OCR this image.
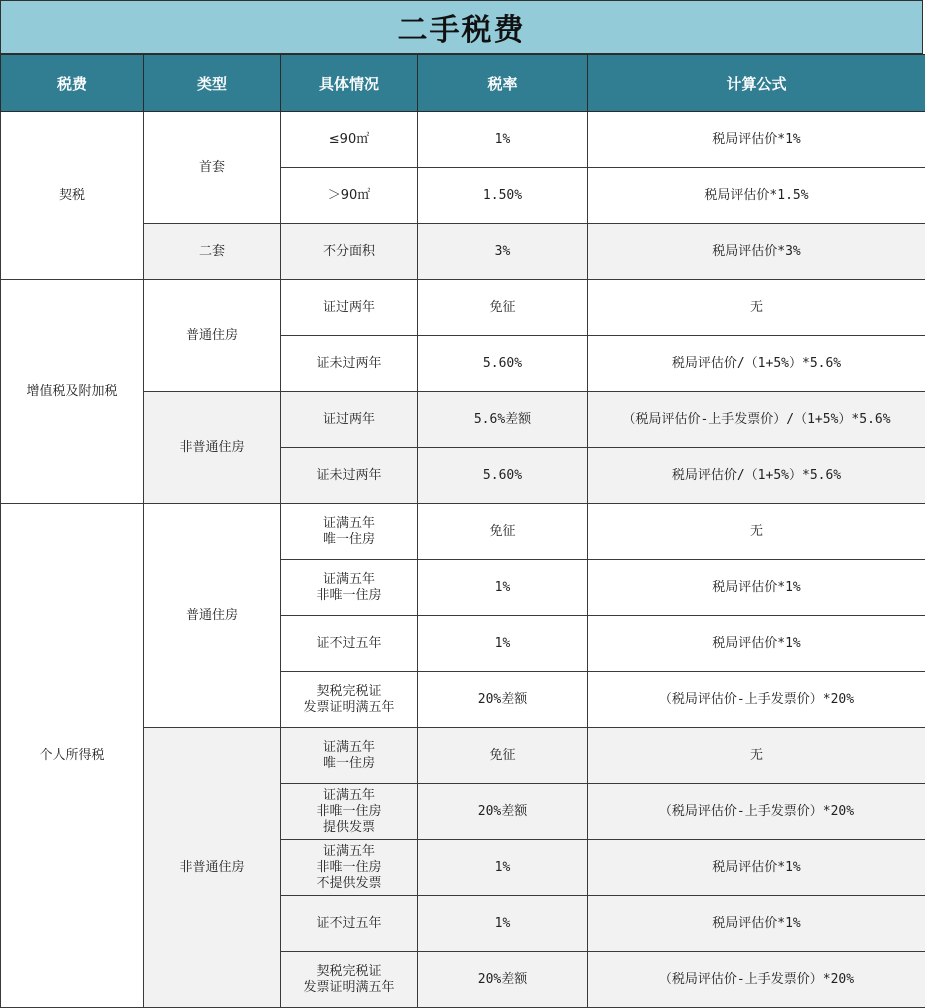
二手税费
税费	类型	具体情况	税率	计算公式
契税	首套	≤90㎡	1%	税局评估价*1%
		＞90㎡	1.50%	税局评估价*1.5%
	二套	不分面积	3%	税局评估价*3%
增值税及附加税	普通住房	证过两年	免征	无
		证未过两年	5.60%	税局评估价/（1+5%）*5.6%
	非普通住房	证过两年	5.6%差额	（税局评估价-上手发票价）/（1+5%）*5.6%
		证未过两年	5.60%	税局评估价/（1+5%）*5.6%
个人所得税	普通住房	证满五年
唯一住房	免征	无
		证满五年
非唯一住房	1%	税局评估价*1%
		证不过五年	1%	税局评估价*1%
		契税完税证
发票证明满五年	20%差额	（税局评估价-上手发票价）*20%
	非普通住房	证满五年
唯一住房	免征	无
		证满五年
非唯一住房
提供发票	20%差额	（税局评估价-上手发票价）*20%
		证满五年
非唯一住房
不提供发票	1%	税局评估价*1%
		证不过五年	1%	税局评估价*1%
		契税完税证
发票证明满五年	20%差额	（税局评估价-上手发票价）*20%
